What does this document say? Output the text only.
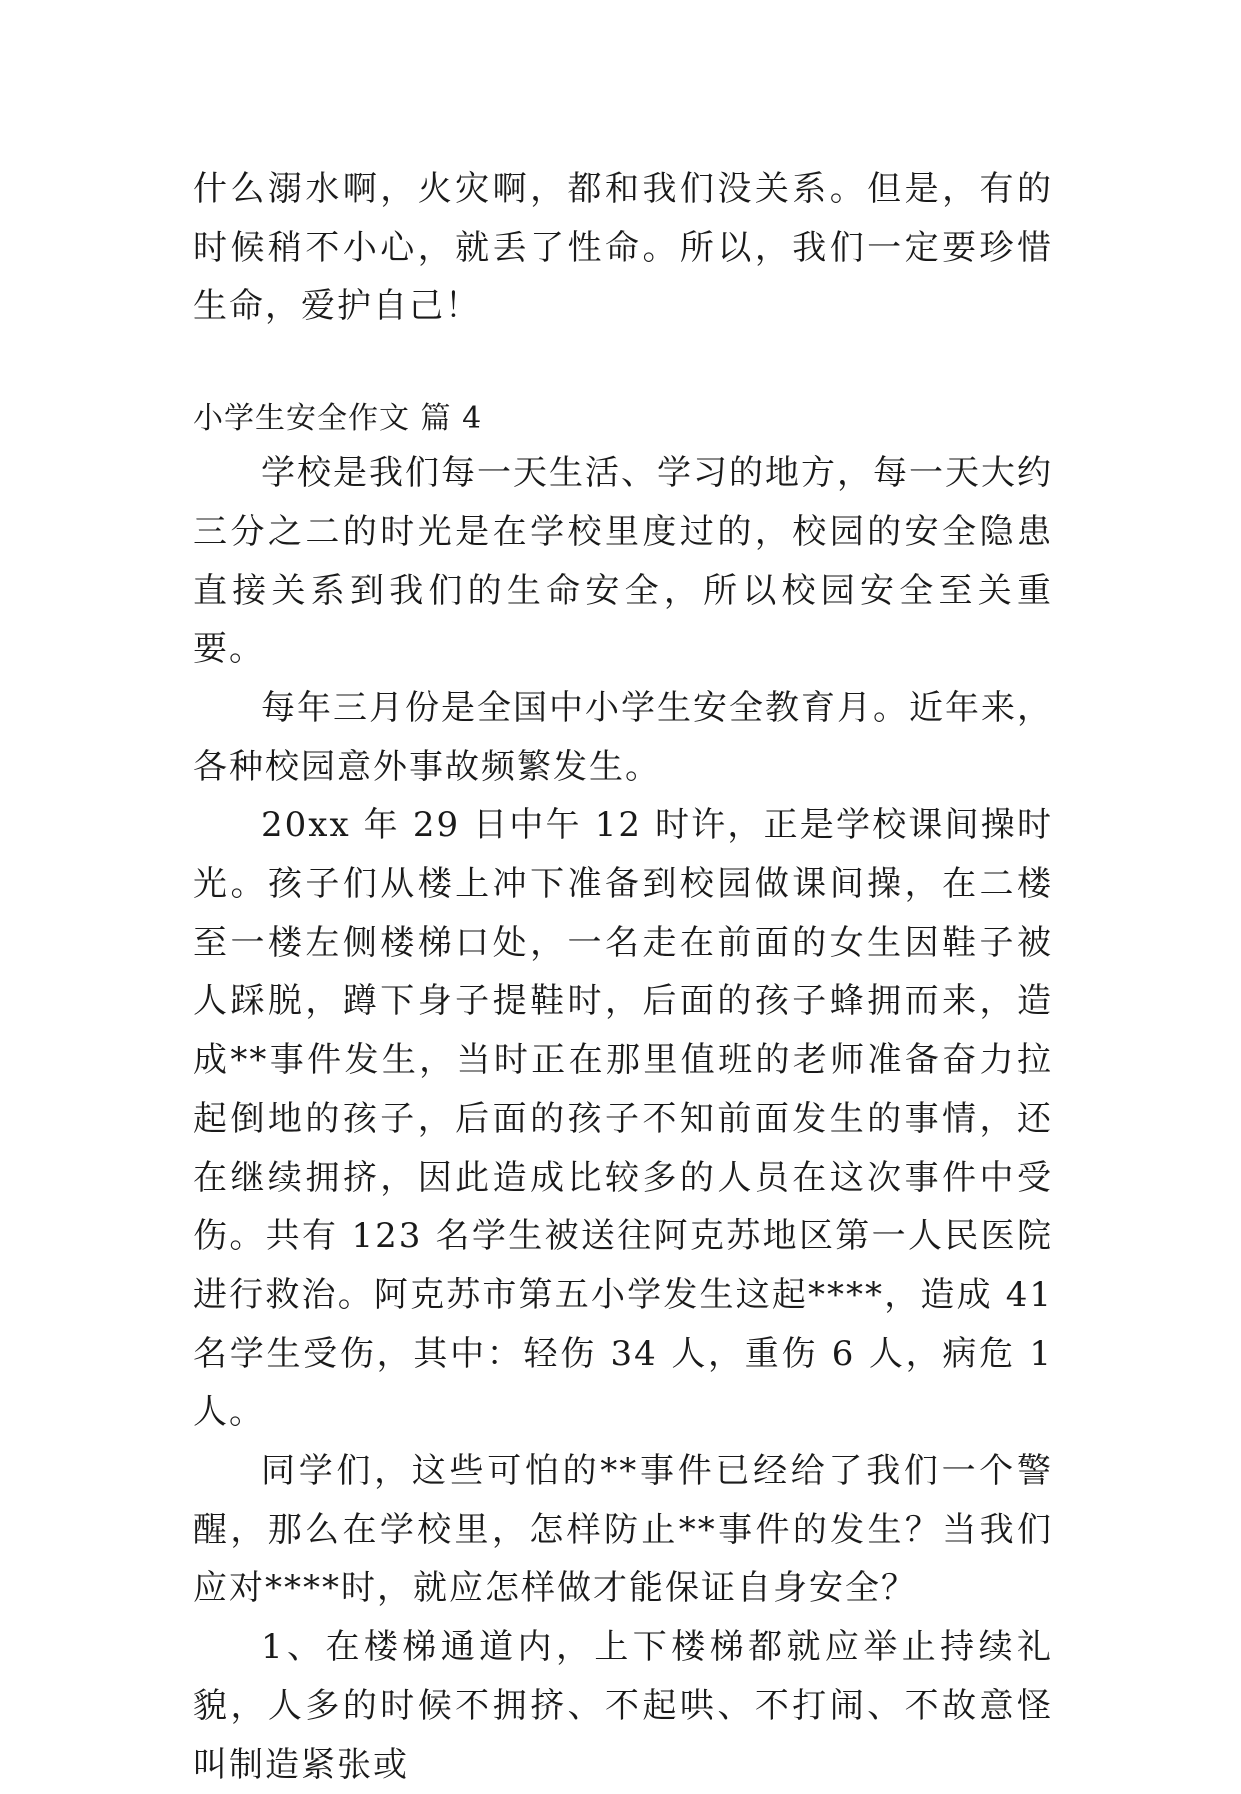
什么溺水啊，火灾啊，都和我们没关系。但是，有的时候稍不小心，就丢了性命。所以，我们一定要珍惜生命，爱护自己！

小学生安全作文 篇 4

学校是我们每一天生活、学习的地方，每一天大约三分之二的时光是在学校里度过的，校园的安全隐患直接关系到我们的生命安全，所以校园安全至关重要。

每年三月份是全国中小学生安全教育月。近年来，各种校园意外事故频繁发生。

20xx 年 29 日中午 12 时许，正是学校课间操时光。孩子们从楼上冲下准备到校园做课间操，在二楼至一楼左侧楼梯口处，一名走在前面的女生因鞋子被人踩脱，蹲下身子提鞋时，后面的孩子蜂拥而来，造成**事件发生，当时正在那里值班的老师准备奋力拉起倒地的孩子，后面的孩子不知前面发生的事情，还在继续拥挤，因此造成比较多的人员在这次事件中受伤。共有 123 名学生被送往阿克苏地区第一人民医院进行救治。阿克苏市第五小学发生这起****，造成 41 名学生受伤，其中：轻伤 34 人，重伤 6 人，病危 1 人。

同学们，这些可怕的**事件已经给了我们一个警醒，那么在学校里，怎样防止**事件的发生？当我们应对****时，就应怎样做才能保证自身安全？

1、在楼梯通道内，上下楼梯都就应举止持续礼貌，人多的时候不拥挤、不起哄、不打闹、不故意怪叫制造紧张或
